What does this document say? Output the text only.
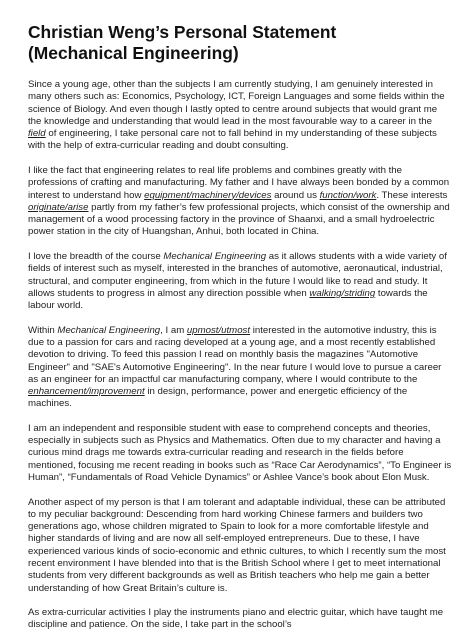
Christian Weng’s Personal Statement
(Mechanical Engineering)

Since a young age, other than the subjects I am currently studying, I am genuinely interested in many others such as: Economics, Psychology, ICT, Foreign Languages and some fields within the science of Biology. And even though I lastly opted to centre around subjects that would grant me the knowledge and understanding that would lead in the most favourable way to a career in the field of engineering, I take personal care not to fall behind in my understanding of these subjects with the help of extra-curricular reading and doubt consulting.

I like the fact that engineering relates to real life problems and combines greatly with the professions of crafting and manufacturing. My father and I have always been bonded by a common interest to understand how equipment/machinery/devices around us function/work. These interests originate/arise partly from my father’s few professional projects, which consist of the ownership and management of a wood processing factory in the province of Shaanxi, and a small hydroelectric power station in the city of Huangshan, Anhui, both located in China.

I love the breadth of the course Mechanical Engineering as it allows students with a wide variety of fields of interest such as myself, interested in the branches of automotive, aeronautical, industrial, structural, and computer engineering, from which in the future I would like to read and study. It allows students to progress in almost any direction possible when walking/striding towards the labour world.

Within Mechanical Engineering, I am upmost/utmost interested in the automotive industry, this is due to a passion for cars and racing developed at a young age, and a most recently established devotion to driving. To feed this passion I read on monthly basis the magazines "Automotive Engineer" and "SAE's Automotive Engineering". In the near future I would love to pursue a career as an engineer for an impactful car manufacturing company, where I would contribute to the enhancement/improvement in design, performance, power and energetic efficiency of the machines.

I am an independent and responsible student with ease to comprehend concepts and theories, especially in subjects such as Physics and Mathematics. Often due to my character and having a curious mind drags me towards extra-curricular reading and research in the fields before mentioned, focusing me recent reading in books such as “Race Car Aerodynamics”, “To Engineer is Human”, “Fundamentals of Road Vehicle Dynamics” or Ashlee Vance’s book about Elon Musk.

Another aspect of my person is that I am tolerant and adaptable individual, these can be attributed to my peculiar background: Descending from hard working Chinese farmers and builders two generations ago, whose children migrated to Spain to look for a more comfortable lifestyle and higher standards of living and are now all self-employed entrepreneurs. Due to these, I have experienced various kinds of socio-economic and ethnic cultures, to which I recently sum the most recent environment I have blended into that is the British School where I get to meet international students from very different backgrounds as well as British teachers who help me gain a better understanding of how Great Britain’s culture is.

As extra-curricular activities I play the instruments piano and electric guitar, which have taught me discipline and patience. On the side, I take part in the school’s
